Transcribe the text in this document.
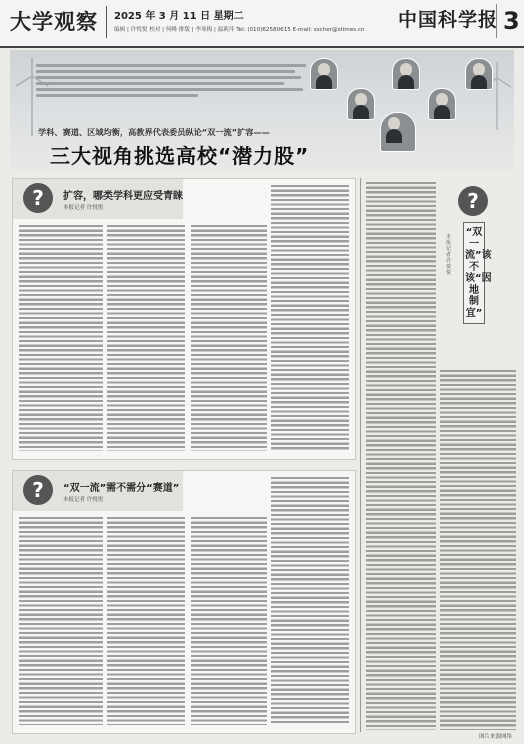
大学观察 2025 年 3 月 11 日 星期二
编辑 | 许悦悦 校对 | 何峰 排版 | 李寒梅 | 温莉萍 Tel: (010)62580615 E-mail: sscher@stimes.cn 中国科学报 3
学科、赛道、区域均衡，高教界代表委员纵论“双一流”扩容——
三大视角挑选高校“潜力股”
?	扩容，哪类学科更应受青睐
本报记者 许悦悦
?	“双一流”需不需分“赛道”
本报记者 许悦悦
?
“双一流”该不该“因地制宜”
本报记者 许悦悦
图片来源网络
